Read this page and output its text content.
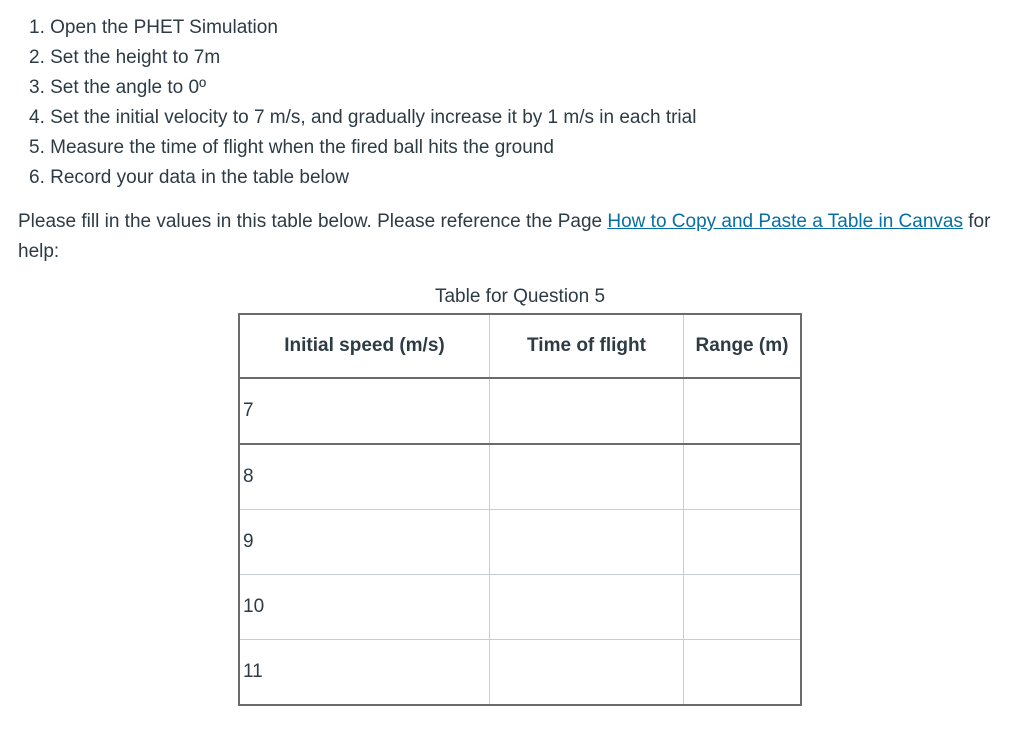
1. Open the PHET Simulation
2. Set the height to 7m
3. Set the angle to 0º
4. Set the initial velocity to 7 m/s, and gradually increase it by 1 m/s in each trial
5. Measure the time of flight when the fired ball hits the ground
6. Record your data in the table below

Please fill in the values in this table below. Please reference the Page How to Copy and Paste a Table in Canvas for help:

Table for Question 5
Initial speed (m/s)	Time of flight	Range (m)
7		
8		
9		
10		
11		
